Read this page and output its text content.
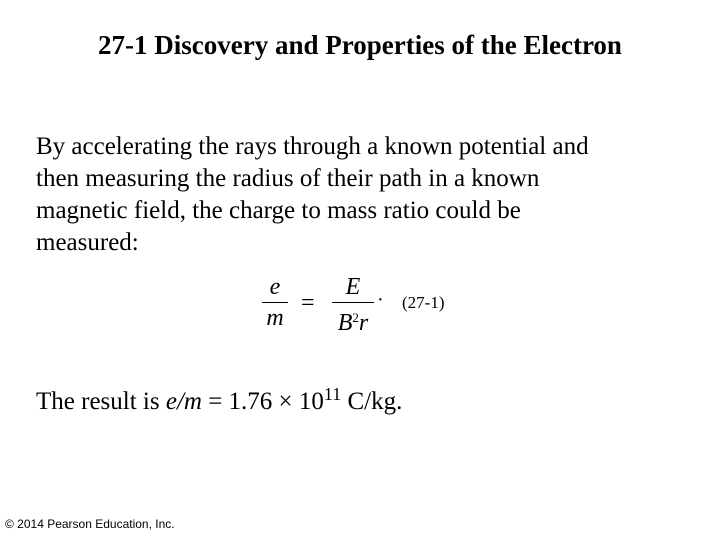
27-1 Discovery and Properties of the Electron
By accelerating the rays through a known potential and
then measuring the radius of their path in a known
magnetic field, the charge to mass ratio could be
measured:
e
m
=
E
$B^2r$
· (27-1)
The result is $e/m = 1.76 \times 10^{11}$ C/kg.
© 2014 Pearson Education, Inc.
